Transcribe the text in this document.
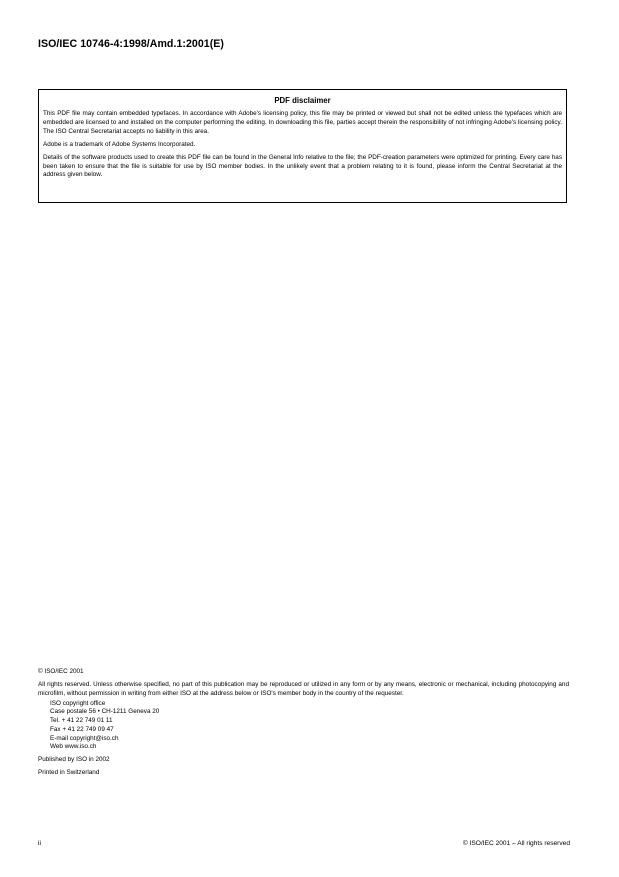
ISO/IEC 10746-4:1998/Amd.1:2001(E)
PDF disclaimer

This PDF file may contain embedded typefaces. In accordance with Adobe's licensing policy, this file may be printed or viewed but shall not be edited unless the typefaces which are embedded are licensed to and installed on the computer performing the editing. In downloading this file, parties accept therein the responsibility of not infringing Adobe's licensing policy. The ISO Central Secretariat accepts no liability in this area.

Adobe is a trademark of Adobe Systems Incorporated.

Details of the software products used to create this PDF file can be found in the General Info relative to the file; the PDF-creation parameters were optimized for printing. Every care has been taken to ensure that the file is suitable for use by ISO member bodies. In the unlikely event that a problem relating to it is found, please inform the Central Secretariat at the address given below.

© ISO/IEC 2001

All rights reserved. Unless otherwise specified, no part of this publication may be reproduced or utilized in any form or by any means, electronic or mechanical, including photocopying and microfilm, without permission in writing from either ISO at the address below or ISO's member body in the country of the requester.

ISO copyright office
Case postale 56 • CH-1211 Geneva 20
Tel. + 41 22 749 01 11
Fax + 41 22 749 09 47
E-mail copyright@iso.ch
Web www.iso.ch
Published by ISO in 2002
Printed in Switzerland
ii	© ISO/IEC 2001 – All rights reserved
